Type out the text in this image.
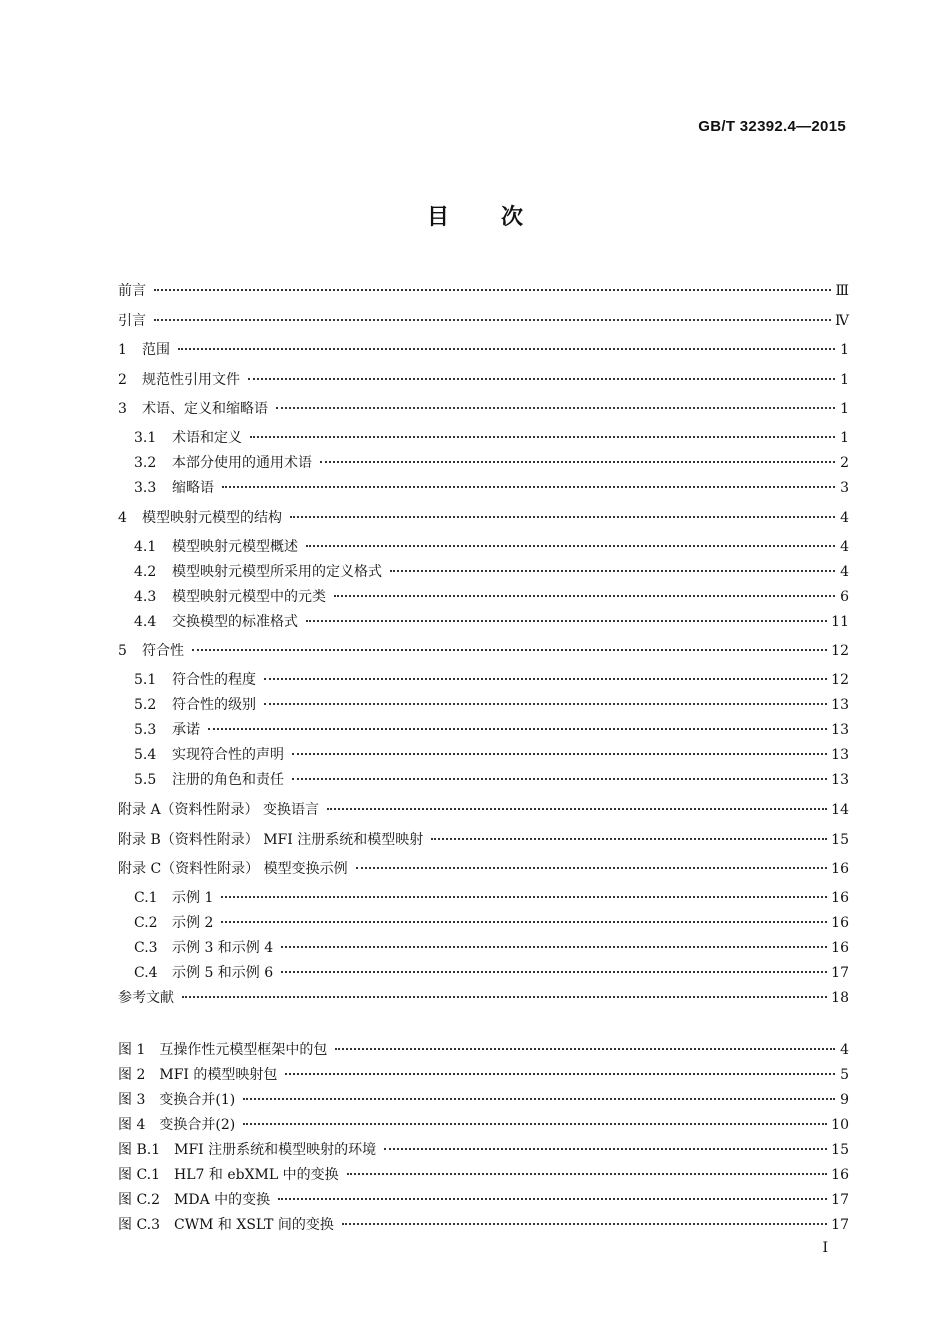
GB/T 32392.4—2015
目次
前言	Ⅲ
引言	Ⅳ
1	范围	1
2	规范性引用文件	1
3	术语、定义和缩略语	1
3.1	术语和定义	1
3.2	本部分使用的通用术语	2
3.3	缩略语	3
4	模型映射元模型的结构	4
4.1	模型映射元模型概述	4
4.2	模型映射元模型所采用的定义格式	4
4.3	模型映射元模型中的元类	6
4.4	交换模型的标准格式	11
5	符合性	12
5.1	符合性的程度	12
5.2	符合性的级别	13
5.3	承诺	13
5.4	实现符合性的声明	13
5.5	注册的角色和责任	13
附录 A（资料性附录） 变换语言	14
附录 B（资料性附录） MFI 注册系统和模型映射	15
附录 C（资料性附录） 模型变换示例	16
C.1	示例 1	16
C.2	示例 2	16
C.3	示例 3 和示例 4	16
C.4	示例 5 和示例 6	17
参考文献	18
图 1 互操作性元模型框架中的包	4
图 2 MFI 的模型映射包	5
图 3 变换合并(1)	9
图 4 变换合并(2)	10
图 B.1 MFI 注册系统和模型映射的环境	15
图 C.1 HL7 和 ebXML 中的变换	16
图 C.2 MDA 中的变换	17
图 C.3 CWM 和 XSLT 间的变换	17
I
